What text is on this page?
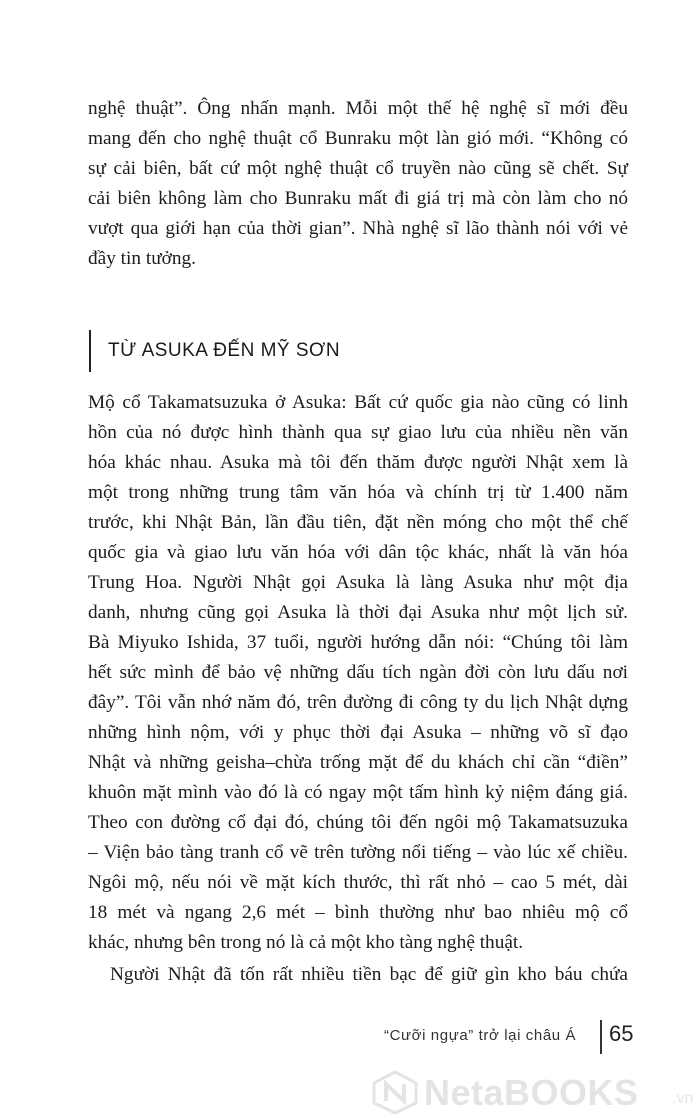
nghệ thuật”. Ông nhấn mạnh. Mỗi một thế hệ nghệ sĩ mới đều
mang đến cho nghệ thuật cổ Bunraku một làn gió mới. “Không có
sự cải biên, bất cứ một nghệ thuật cổ truyền nào cũng sẽ chết. Sự
cải biên không làm cho Bunraku mất đi giá trị mà còn làm cho nó
vượt qua giới hạn của thời gian”. Nhà nghệ sĩ lão thành nói với vẻ
đầy tin tưởng.
TỪ ASUKA ĐẾN MỸ SƠN
Mộ cổ Takamatsuzuka ở Asuka: Bất cứ quốc gia nào cũng có linh
hồn của nó được hình thành qua sự giao lưu của nhiều nền văn
hóa khác nhau. Asuka mà tôi đến thăm được người Nhật xem là
một trong những trung tâm văn hóa và chính trị từ 1.400 năm
trước, khi Nhật Bản, lần đầu tiên, đặt nền móng cho một thể chế
quốc gia và giao lưu văn hóa với dân tộc khác, nhất là văn hóa
Trung Hoa. Người Nhật gọi Asuka là làng Asuka như một địa
danh, nhưng cũng gọi Asuka là thời đại Asuka như một lịch sử.
Bà Miyuko Ishida, 37 tuổi, người hướng dẫn nói: “Chúng tôi làm
hết sức mình để bảo vệ những dấu tích ngàn đời còn lưu dấu nơi
đây”. Tôi vẫn nhớ năm đó, trên đường đi công ty du lịch Nhật dựng
những hình nộm, với y phục thời đại Asuka – những võ sĩ đạo
Nhật và những geisha–chừa trống mặt để du khách chỉ cần “điền”
khuôn mặt mình vào đó là có ngay một tấm hình kỷ niệm đáng giá.
Theo con đường cổ đại đó, chúng tôi đến ngôi mộ Takamatsuzuka
– Viện bảo tàng tranh cổ vẽ trên tường nổi tiếng – vào lúc xế chiều.
Ngôi mộ, nếu nói về mặt kích thước, thì rất nhỏ – cao 5 mét, dài
18 mét và ngang 2,6 mét – bình thường như bao nhiêu mộ cổ
khác, nhưng bên trong nó là cả một kho tàng nghệ thuật.
Người Nhật đã tốn rất nhiều tiền bạc để giữ gìn kho báu chứa
“Cưỡi ngựa” trở lại châu Á 65
NetaBOOKS .vn
